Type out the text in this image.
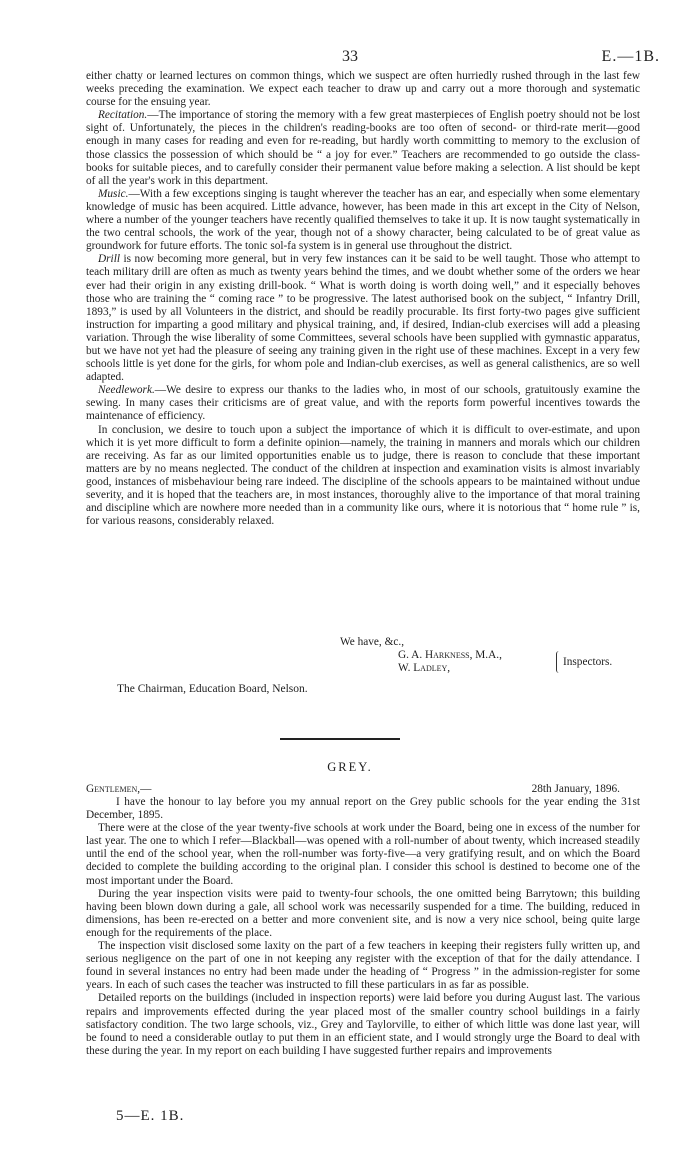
33	E.—1B.

either chatty or learned lectures on common things, which we suspect are often hurriedly rushed through in the last few weeks preceding the examination. We expect each teacher to draw up and carry out a more thorough and systematic course for the ensuing year.

Recitation.—The importance of storing the memory with a few great masterpieces of English poetry should not be lost sight of. Unfortunately, the pieces in the children's reading-books are too often of second- or third-rate merit—good enough in many cases for reading and even for re-reading, but hardly worth committing to memory to the exclusion of those classics the possession of which should be “ a joy for ever.” Teachers are recommended to go outside the class-books for suitable pieces, and to carefully consider their permanent value before making a selection. A list should be kept of all the year's work in this department.

Music.—With a few exceptions singing is taught wherever the teacher has an ear, and especially when some elementary knowledge of music has been acquired. Little advance, however, has been made in this art except in the City of Nelson, where a number of the younger teachers have recently qualified themselves to take it up. It is now taught systematically in the two central schools, the work of the year, though not of a showy character, being calculated to be of great value as groundwork for future efforts. The tonic sol-fa system is in general use throughout the district.

Drill is now becoming more general, but in very few instances can it be said to be well taught. Those who attempt to teach military drill are often as much as twenty years behind the times, and we doubt whether some of the orders we hear ever had their origin in any existing drill-book. “ What is worth doing is worth doing well,” and it especially behoves those who are training the “ coming race ” to be progressive. The latest authorised book on the subject, “ Infantry Drill, 1893,” is used by all Volunteers in the district, and should be readily procurable. Its first forty-two pages give sufficient instruction for imparting a good military and physical training, and, if desired, Indian-club exercises will add a pleasing variation. Through the wise liberality of some Committees, several schools have been supplied with gymnastic apparatus, but we have not yet had the pleasure of seeing any training given in the right use of these machines. Except in a very few schools little is yet done for the girls, for whom pole and Indian-club exercises, as well as general calisthenics, are so well adapted.

Needlework.—We desire to express our thanks to the ladies who, in most of our schools, gratuitously examine the sewing. In many cases their criticisms are of great value, and with the reports form powerful incentives towards the maintenance of efficiency.

In conclusion, we desire to touch upon a subject the importance of which it is difficult to over-estimate, and upon which it is yet more difficult to form a definite opinion—namely, the training in manners and morals which our children are receiving. As far as our limited opportunities enable us to judge, there is reason to conclude that these important matters are by no means neglected. The conduct of the children at inspection and examination visits is almost invariably good, instances of misbehaviour being rare indeed. The discipline of the schools appears to be maintained without undue severity, and it is hoped that the teachers are, in most instances, thoroughly alive to the importance of that moral training and discipline which are nowhere more needed than in a community like ours, where it is notorious that “ home rule ” is, for various reasons, considerably relaxed.

We have, &c.,
G. A. Harkness, M.A.,
W. Ladley,
Inspectors.
The Chairman, Education Board, Nelson.
GREY.
Gentlemen,—	28th January, 1896.

I have the honour to lay before you my annual report on the Grey public schools for the year ending the 31st December, 1895.

There were at the close of the year twenty-five schools at work under the Board, being one in excess of the number for last year. The one to which I refer—Blackball—was opened with a roll-number of about twenty, which increased steadily until the end of the school year, when the roll-number was forty-five—a very gratifying result, and on which the Board decided to complete the building according to the original plan. I consider this school is destined to become one of the most important under the Board.

During the year inspection visits were paid to twenty-four schools, the one omitted being Barrytown; this building having been blown down during a gale, all school work was necessarily suspended for a time. The building, reduced in dimensions, has been re-erected on a better and more convenient site, and is now a very nice school, being quite large enough for the requirements of the place.

The inspection visit disclosed some laxity on the part of a few teachers in keeping their registers fully written up, and serious negligence on the part of one in not keeping any register with the exception of that for the daily attendance. I found in several instances no entry had been made under the heading of “ Progress ” in the admission-register for some years. In each of such cases the teacher was instructed to fill these particulars in as far as possible.

Detailed reports on the buildings (included in inspection reports) were laid before you during August last. The various repairs and improvements effected during the year placed most of the smaller country school buildings in a fairly satisfactory condition. The two large schools, viz., Grey and Taylorville, to either of which little was done last year, will be found to need a considerable outlay to put them in an efficient state, and I would strongly urge the Board to deal with these during the year. In my report on each building I have suggested further repairs and improvements

5—E. 1B.
